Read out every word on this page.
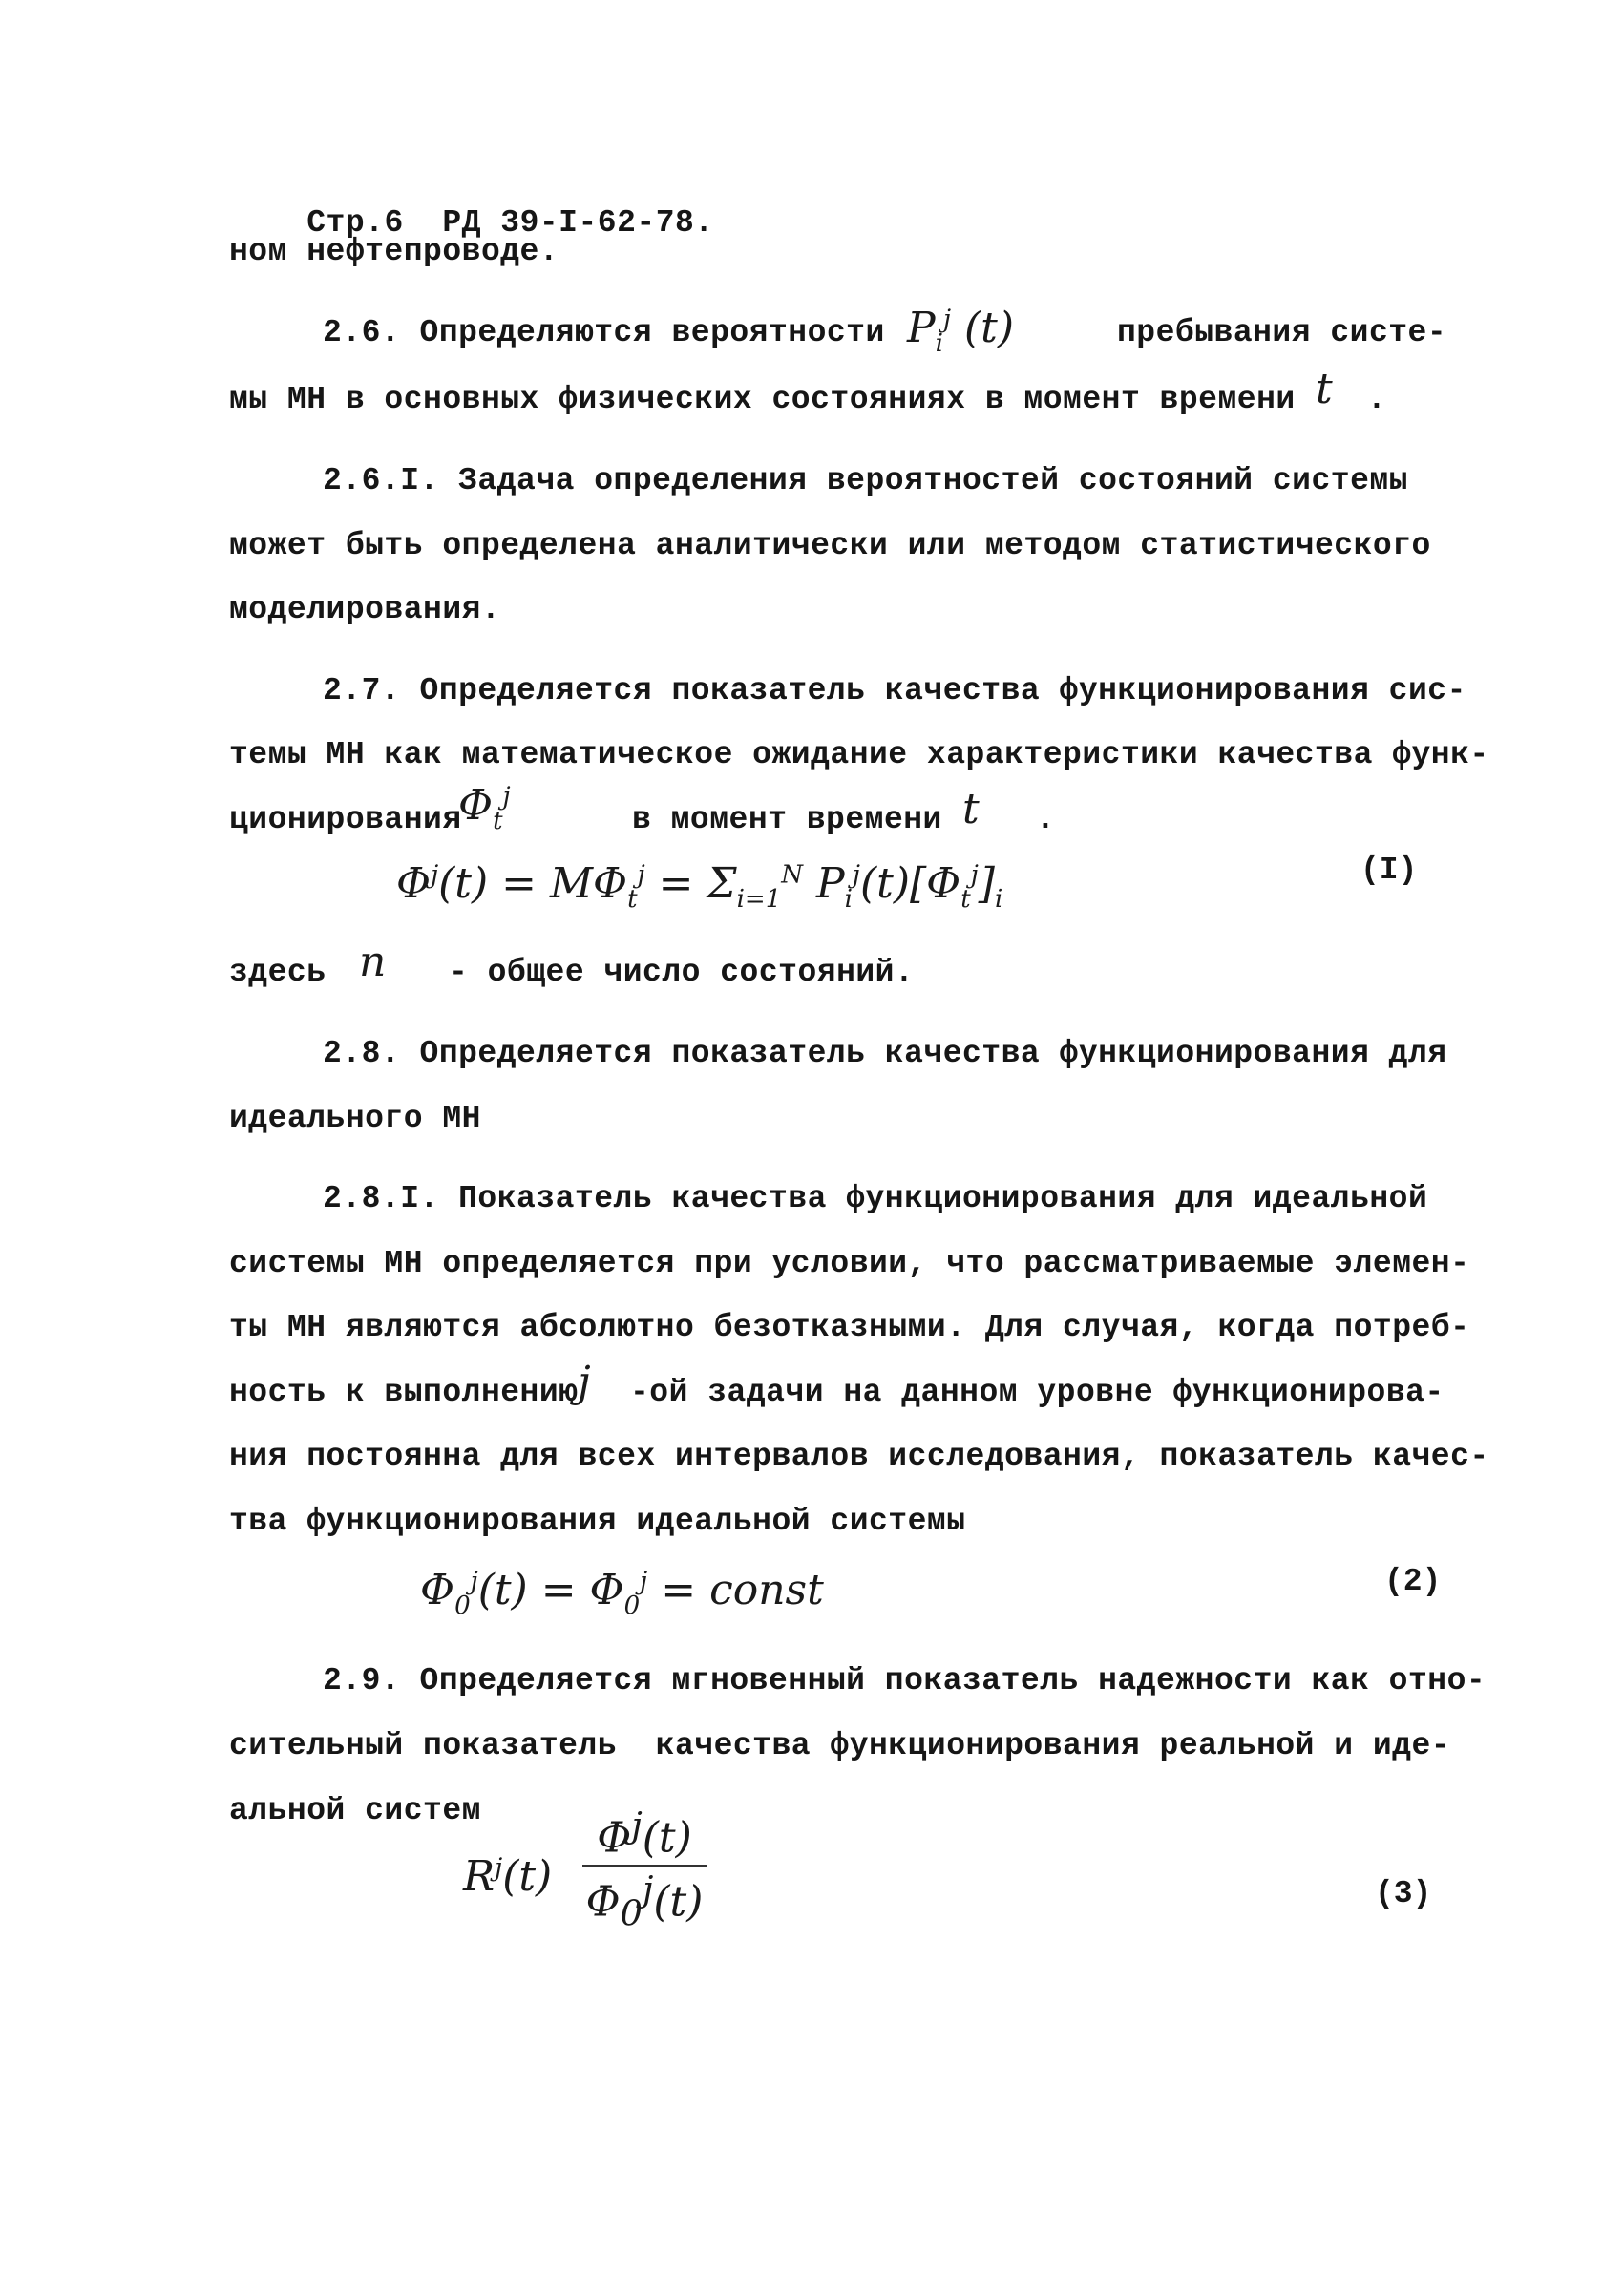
Стр.6 РД 39-I-62-78.

ном нефтепроводе.
2.6. Определяются вероятности $P_i^j$ (t)	пребывания систе-
мы МН в основных физических состояниях в момент времени t .
2.6.I. Задача определения вероятностей состояний системы
может быть определена аналитически или методом статистического
моделирования.
2.7. Определяется показатель качества функционирования сис-
темы МН как математическое ожидание характеристики качества функ-
ционирования
$\Phi_t^j$
в момент времени t .
$\Phi^j(t) = M\Phi_t^j = \Sigma_{i=1}^N$ $P_i^j(t)[\Phi_t^j]_i$
(I)
здесь n - общее число состояний.
2.8. Определяется показатель качества функционирования для
идеального МН
2.8.I. Показатель качества функционирования для идеальной
системы МН определяется при условии, что рассматриваемые элемен-
ты МН являются абсолютно безотказными. Для случая, когда потреб-
ность к выполнению j -ой задачи на данном уровне функционирова-
ния постоянна для всех интервалов исследования, показатель качес-
тва функционирования идеальной системы
$\Phi_0^j(t) = \Phi_0^j$ = const	(2)
2.9. Определяется мгновенный показатель надежности как отно-
сительный показатель  качества функционирования реальной и иде-
альной систем
$R^j(t)$
$\Phi^j(t)$
$\Phi_0^j(t)$	(3)
